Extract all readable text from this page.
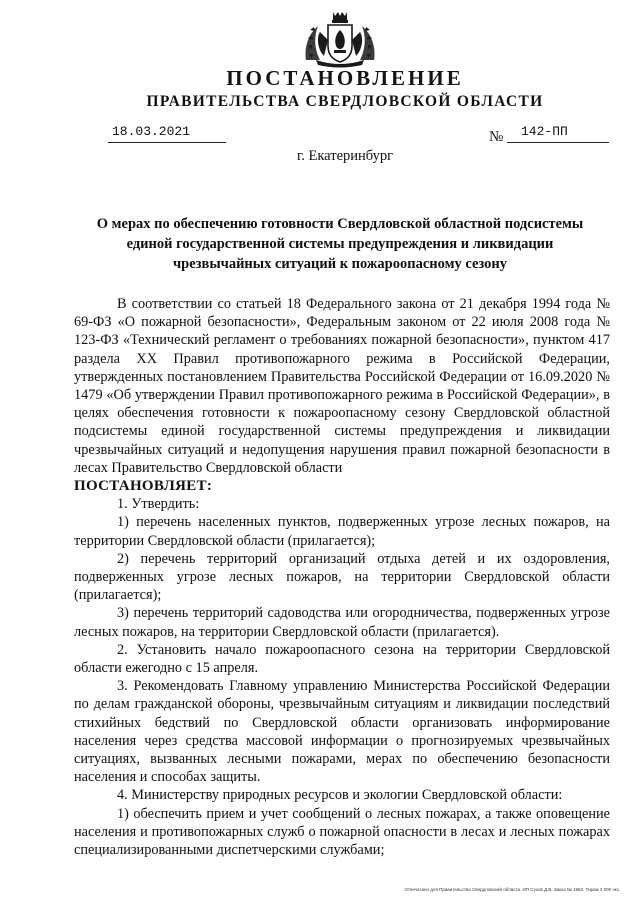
ПОСТАНОВЛЕНИЕ
ПРАВИТЕЛЬСТВА СВЕРДЛОВСКОЙ ОБЛАСТИ
18.03.2021	№	142-ПП
г. Екатеринбург
О мерах по обеспечению готовности Свердловской областной подсистемы
единой государственной системы предупреждения и ликвидации
чрезвычайных ситуаций к пожароопасному сезону

В соответствии со статьей 18 Федерального закона от 21 декабря 1994 года № 69-ФЗ «О пожарной безопасности», Федеральным законом от 22 июля 2008 года № 123-ФЗ «Технический регламент о требованиях пожарной безопасности», пунктом 417 раздела XX Правил противопожарного режима в Российской Федерации, утвержденных постановлением Правительства Российской Федерации от 16.09.2020 № 1479 «Об утверждении Правил противопожарного режима в Российской Федерации», в целях обеспечения готовности к пожароопасному сезону Свердловской областной подсистемы единой государственной системы предупреждения и ликвидации чрезвычайных ситуаций и недопущения нарушения правил пожарной безопасности в лесах Правительство Свердловской области

ПОСТАНОВЛЯЕТ:

1. Утвердить:

1) перечень населенных пунктов, подверженных угрозе лесных пожаров, на территории Свердловской области (прилагается);

2) перечень территорий организаций отдыха детей и их оздоровления, подверженных угрозе лесных пожаров, на территории Свердловской области (прилагается);

3) перечень территорий садоводства или огородничества, подверженных угрозе лесных пожаров, на территории Свердловской области (прилагается).

2. Установить начало пожароопасного сезона на территории Свердловской области ежегодно с 15 апреля.

3. Рекомендовать Главному управлению Министерства Российской Федерации по делам гражданской обороны, чрезвычайным ситуациям и ликвидации последствий стихийных бедствий по Свердловской области организовать информирование населения через средства массовой информации о прогнозируемых чрезвычайных ситуациях, вызванных лесными пожарами, мерах по обеспечению безопасности населения и способах защиты.

4. Министерству природных ресурсов и экологии Свердловской области:

1) обеспечить прием и учет сообщений о лесных пожарах, а также оповещение населения и противопожарных служб о пожарной опасности в лесах и лесных пожарах специализированными диспетчерскими службами;

Отпечатано для Правительства Свердловской области. ИП Сухов Д.В. Заказ № 1963. Тираж 2 000 экз.
